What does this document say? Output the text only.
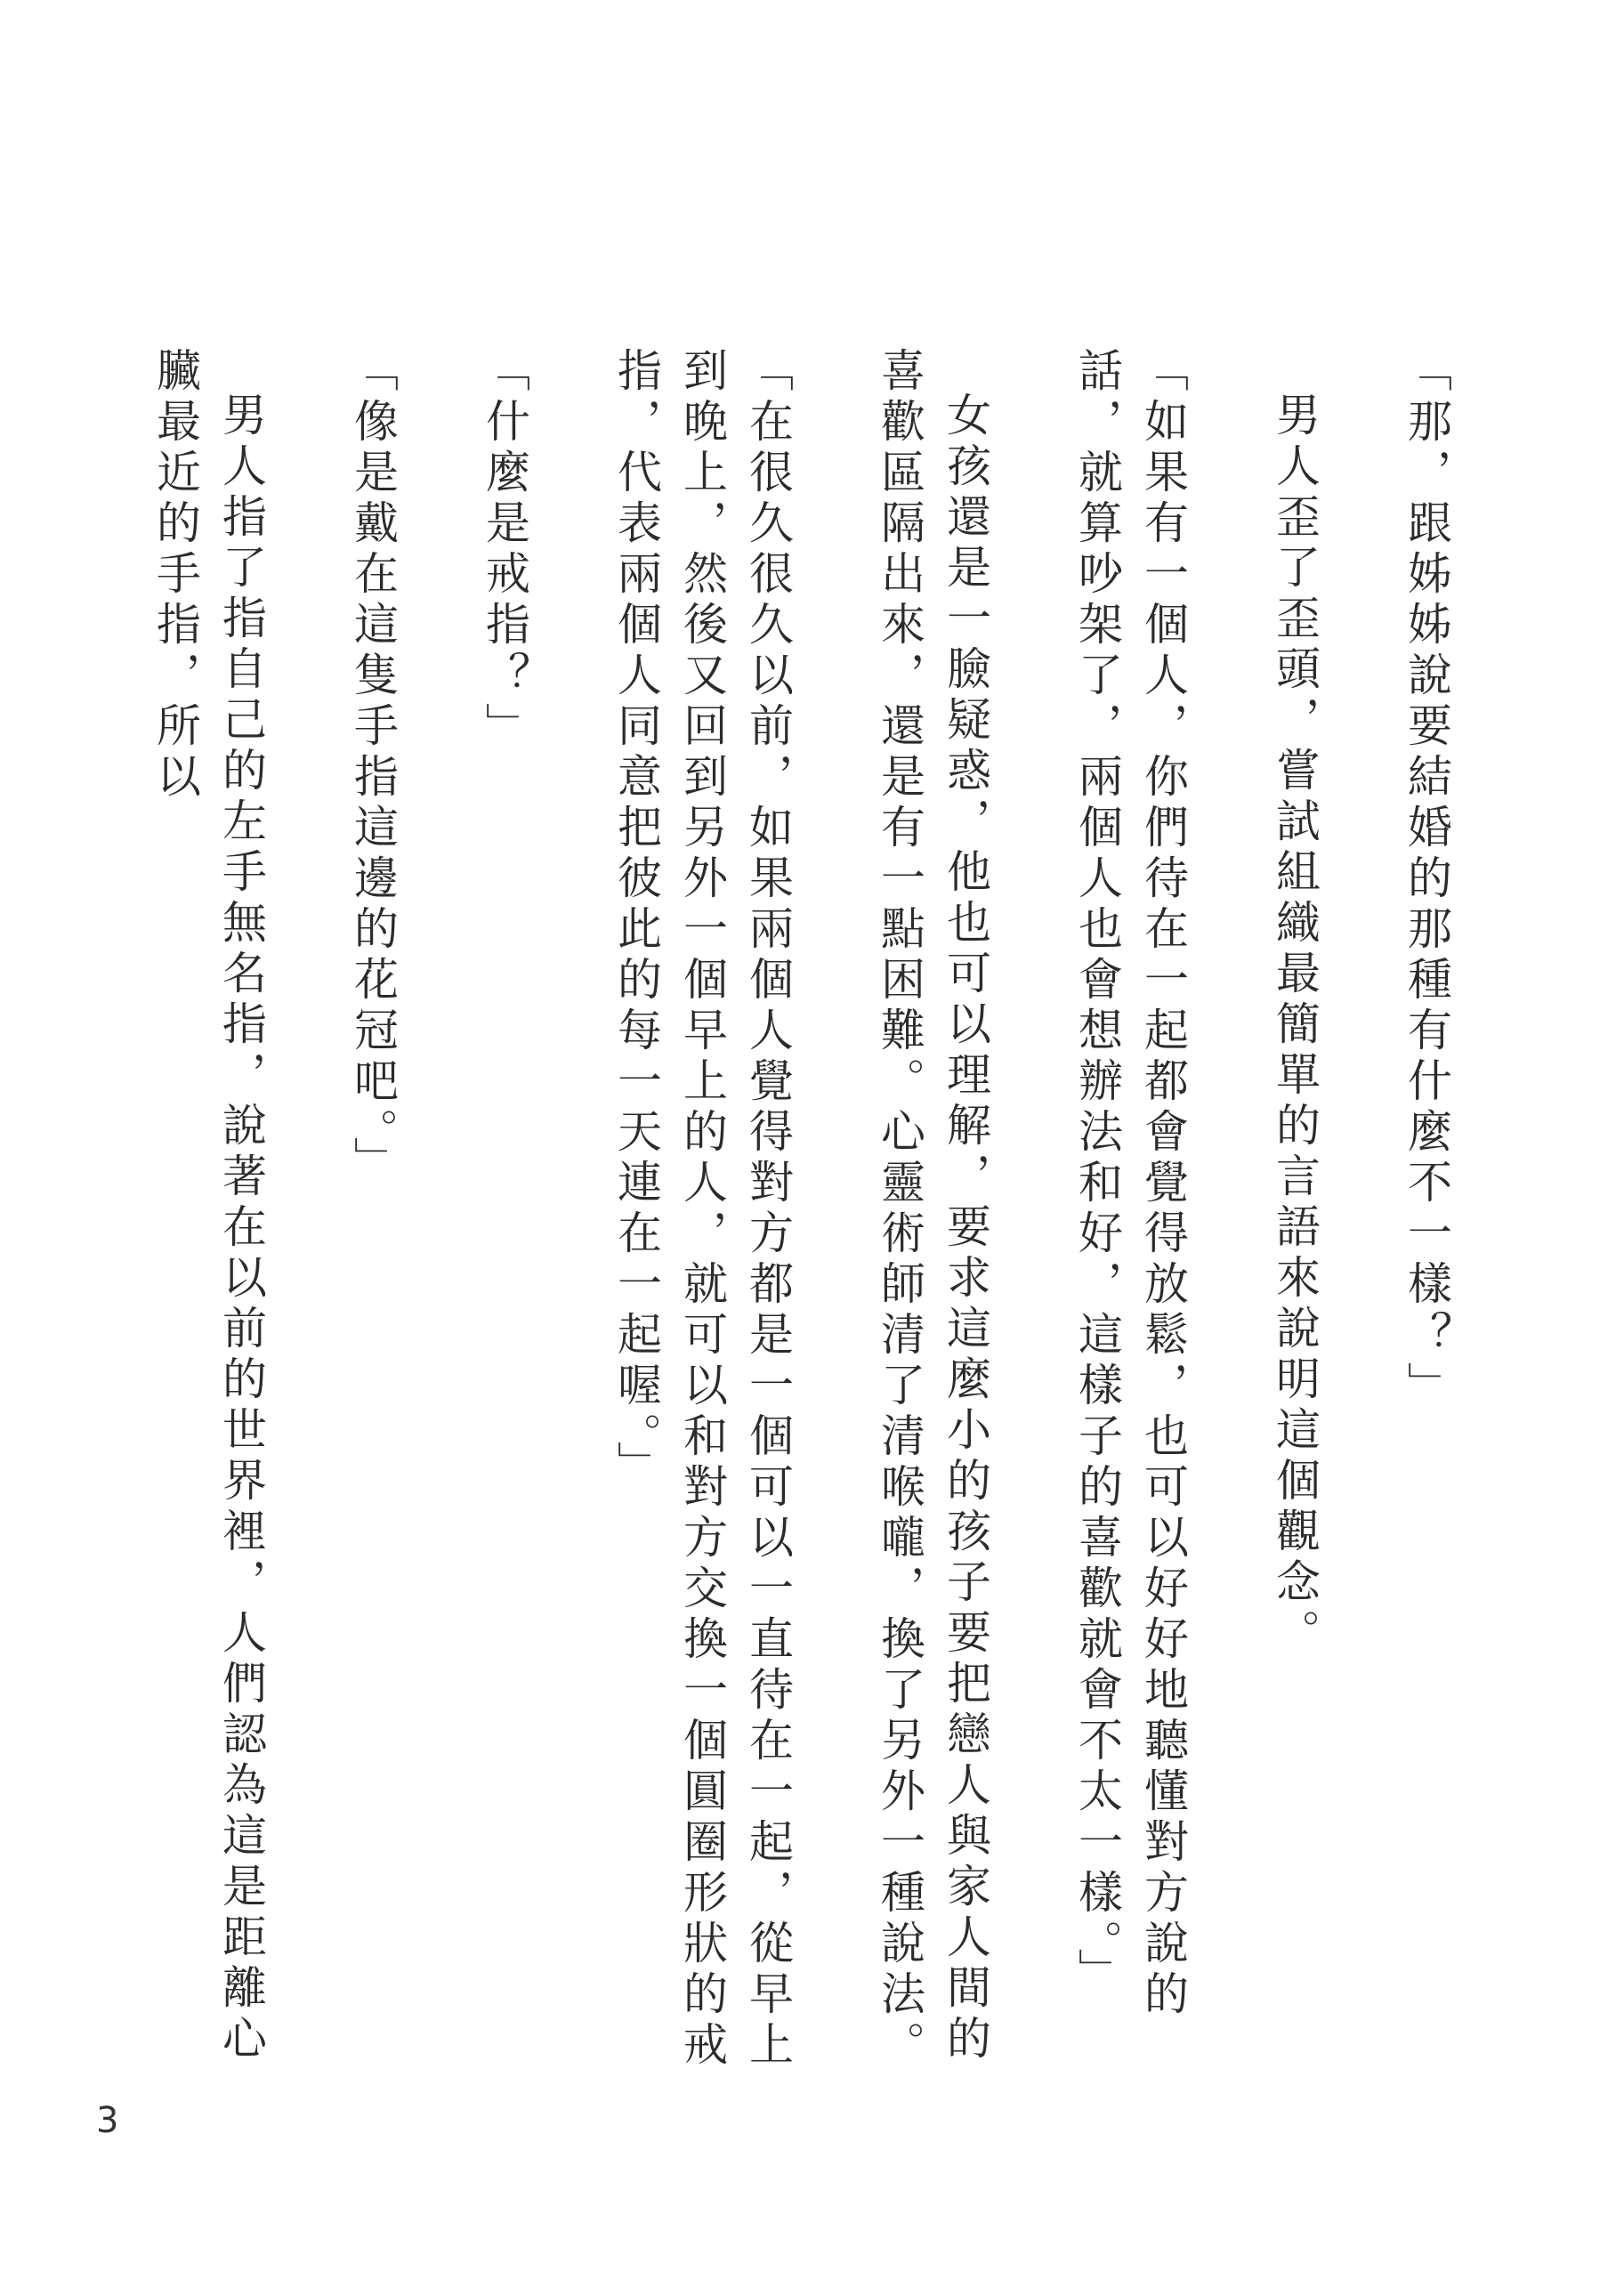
「那，跟姊姊說要結婚的那種有什麼不一樣？」

男人歪了歪頭，嘗試組織最簡單的言語來說明這個觀念。

「如果有一個人，你們待在一起都會覺得放鬆，也可以好好地聽懂對方說的話，就算吵架了，兩個人也會想辦法和好，這樣子的喜歡就會不太一樣。」

女孩還是一臉疑惑，他也可以理解，要求這麼小的孩子要把戀人與家人間的喜歡區隔出來，還是有一點困難。心靈術師清了清喉嚨，換了另外一種說法。

「在很久很久以前，如果兩個人覺得對方都是一個可以一直待在一起，從早上到晚上，然後又回到另外一個早上的人，就可以和對方交換一個圓圈形狀的戒指，代表兩個人同意把彼此的每一天連在一起喔。」

「什麼是戒指？」

「像是戴在這隻手指這邊的花冠吧。」

男人指了指自己的左手無名指，說著在以前的世界裡，人們認為這是距離心臟最近的手指，所以

3
